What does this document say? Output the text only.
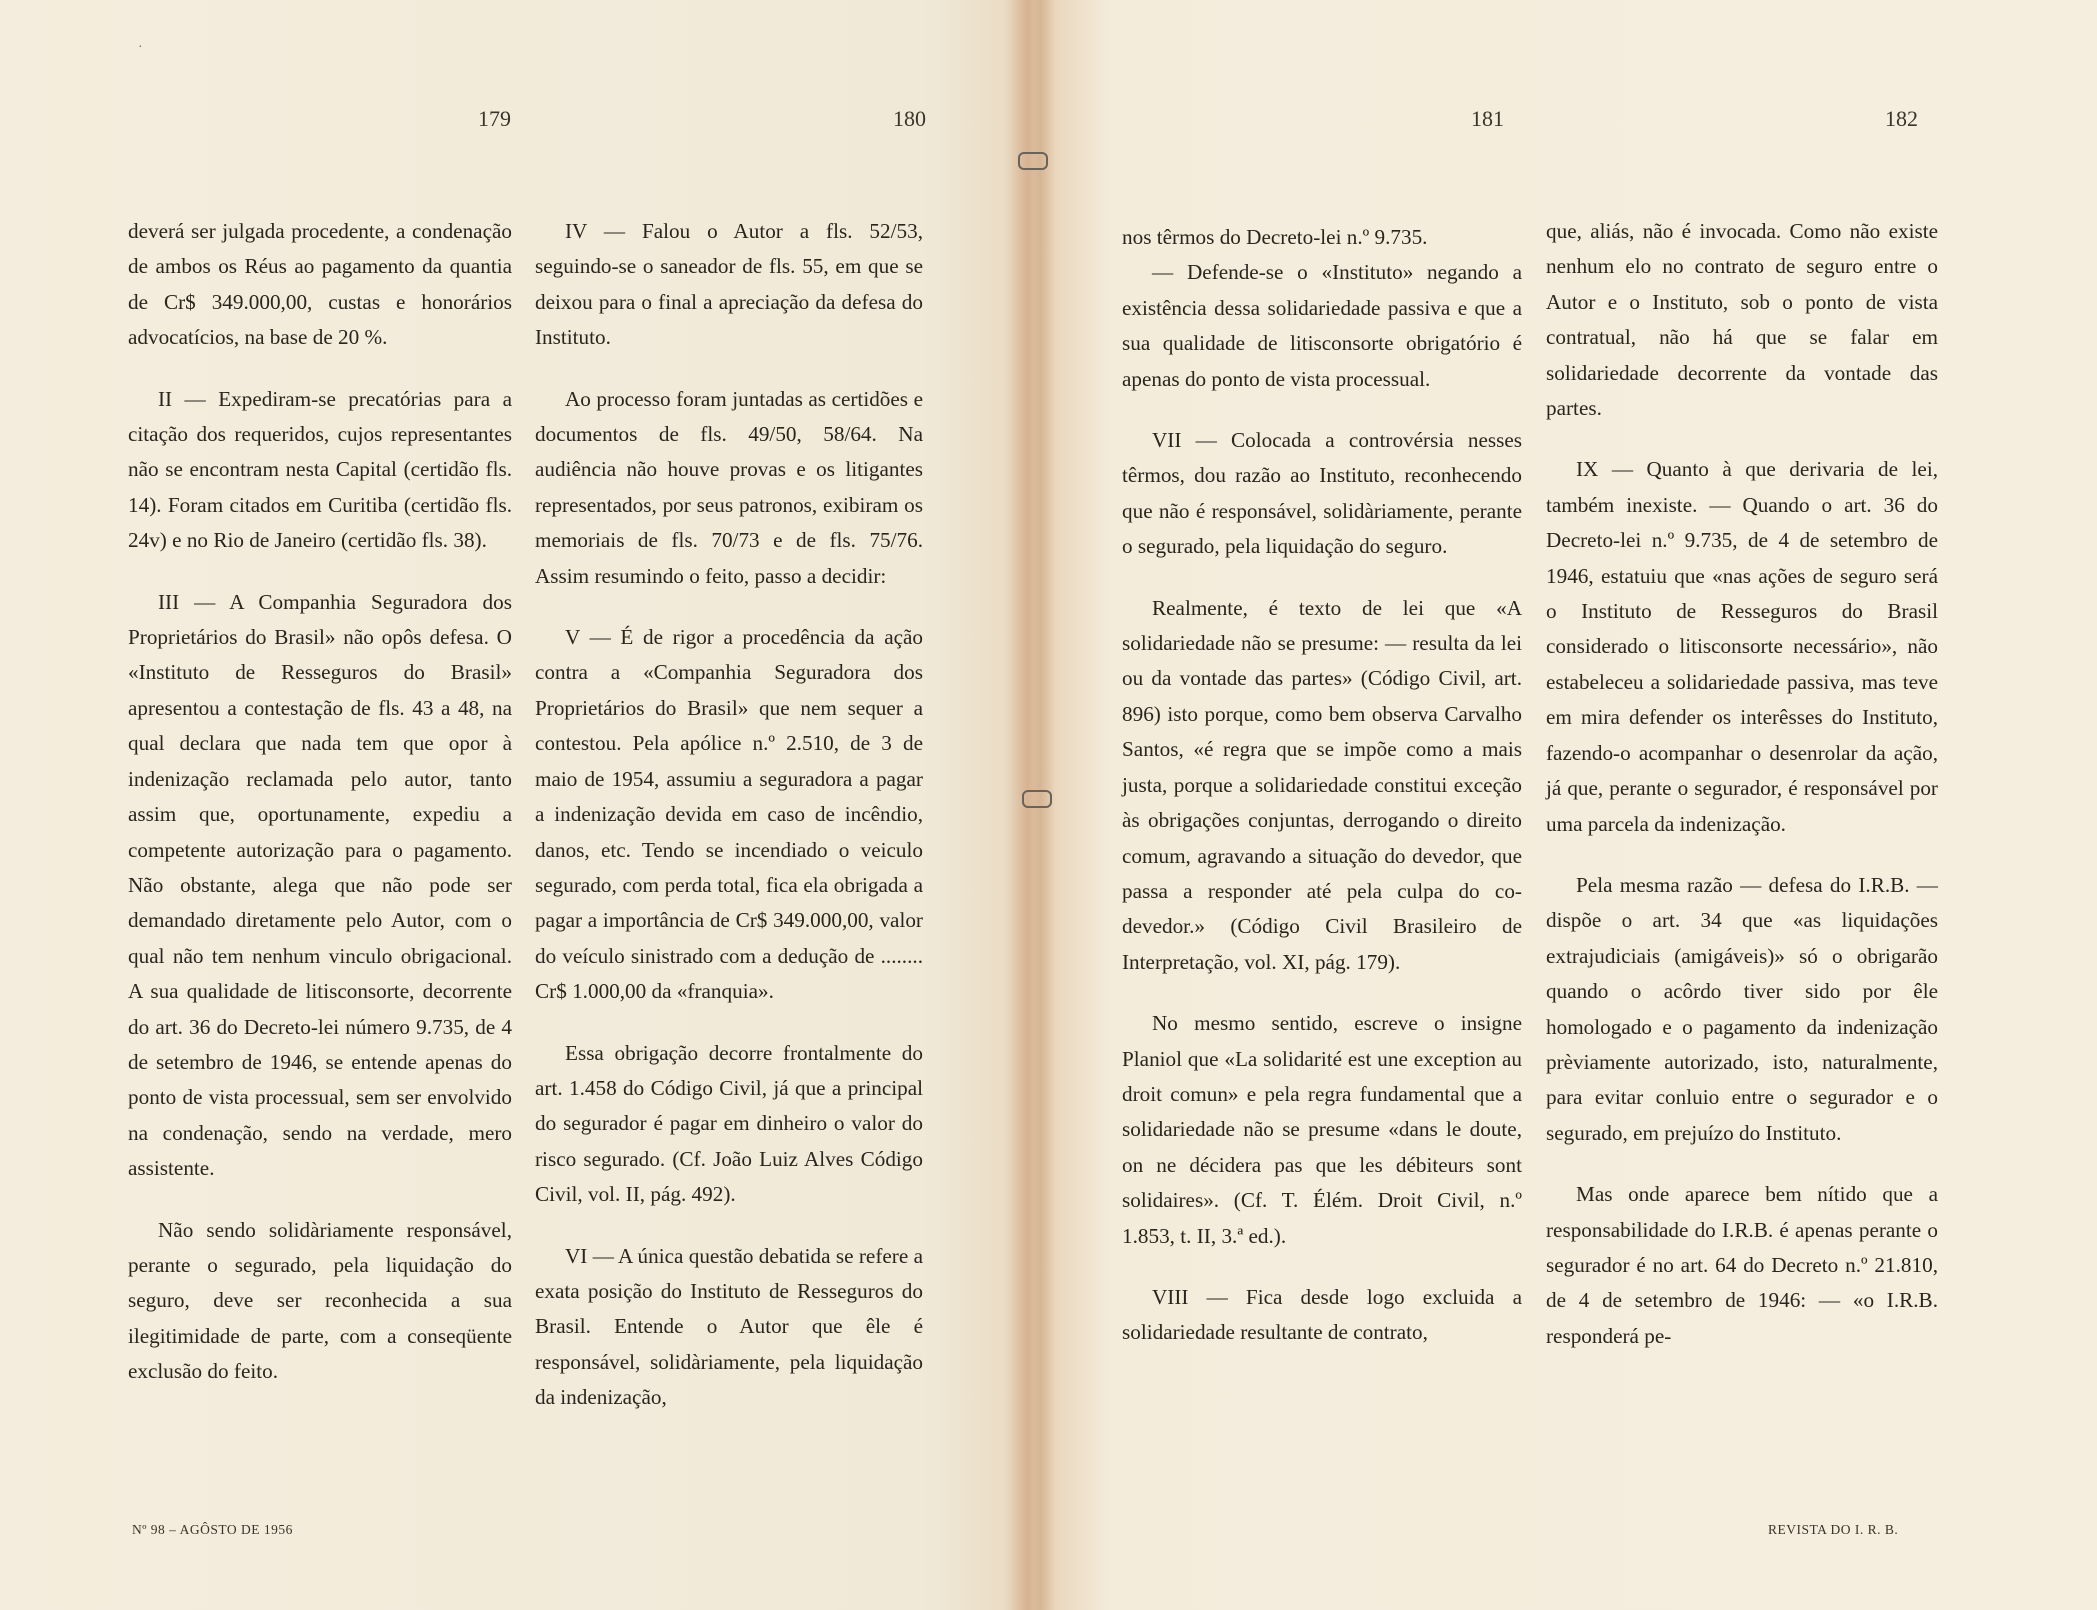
·
179	180	181	182

deverá ser julgada procedente, a condenação de ambos os Réus ao pagamento da quantia de Cr$ 349.000,00, custas e honorários advocatícios, na base de 20 %.

II — Expediram-se precatórias para a citação dos requeridos, cujos representantes não se encontram nesta Capital (certidão fls. 14). Foram citados em Curitiba (certidão fls. 24v) e no Rio de Janeiro (certidão fls. 38).

III — A Companhia Seguradora dos Proprietários do Brasil» não opôs defesa. O «Instituto de Resseguros do Brasil» apresentou a contestação de fls. 43 a 48, na qual declara que nada tem que opor à indenização reclamada pelo autor, tanto assim que, oportunamente, expediu a competente autorização para o pagamento. Não obstante, alega que não pode ser demandado diretamente pelo Autor, com o qual não tem nenhum vinculo obrigacional. A sua qualidade de litisconsorte, decorrente do art. 36 do Decreto-lei número 9.735, de 4 de setembro de 1946, se entende apenas do ponto de vista processual, sem ser envolvido na condenação, sendo na verdade, mero assistente.

Não sendo solidàriamente responsável, perante o segurado, pela liquidação do seguro, deve ser reconhecida a sua ilegitimidade de parte, com a conseqüente exclusão do feito.

IV — Falou o Autor a fls. 52/53, seguindo-se o saneador de fls. 55, em que se deixou para o final a apreciação da defesa do Instituto.

Ao processo foram juntadas as certidões e documentos de fls. 49/50, 58/64. Na audiência não houve provas e os litigantes representados, por seus patronos, exibiram os memoriais de fls. 70/73 e de fls. 75/76. Assim resumindo o feito, passo a decidir:

V — É de rigor a procedência da ação contra a «Companhia Seguradora dos Proprietários do Brasil» que nem sequer a contestou. Pela apólice n.º 2.510, de 3 de maio de 1954, assumiu a seguradora a pagar a indenização devida em caso de incêndio, danos, etc. Tendo se incendiado o veiculo segurado, com perda total, fica ela obrigada a pagar a importância de Cr$ 349.000,00, valor do veículo sinistrado com a dedução de ........ Cr$ 1.000,00 da «franquia».

Essa obrigação decorre frontalmente do art. 1.458 do Código Civil, já que a principal do segurador é pagar em dinheiro o valor do risco segurado. (Cf. João Luiz Alves Código Civil, vol. II, pág. 492).

VI — A única questão debatida se refere a exata posição do Instituto de Resseguros do Brasil. Entende o Autor que êle é responsável, solidàriamente, pela liquidação da indenização,

nos têrmos do Decreto-lei n.º 9.735.

— Defende-se o «Instituto» negando a existência dessa solidariedade passiva e que a sua qualidade de litisconsorte obrigatório é apenas do ponto de vista processual.

VII — Colocada a controvérsia nesses têrmos, dou razão ao Instituto, reconhecendo que não é responsável, solidàriamente, perante o segurado, pela liquidação do seguro.

Realmente, é texto de lei que «A solidariedade não se presume: — resulta da lei ou da vontade das partes» (Código Civil, art. 896) isto porque, como bem observa Carvalho Santos, «é regra que se impõe como a mais justa, porque a solidariedade constitui exceção às obrigações conjuntas, derrogando o direito comum, agravando a situação do devedor, que passa a responder até pela culpa do co-devedor.» (Código Civil Brasileiro de Interpretação, vol. XI, pág. 179).

No mesmo sentido, escreve o insigne Planiol que «La solidarité est une exception au droit comun» e pela regra fundamental que a solidariedade não se presume «dans le doute, on ne décidera pas que les débiteurs sont solidaires». (Cf. T. Élém. Droit Civil, n.º 1.853, t. II, 3.ª ed.).

VIII — Fica desde logo excluida a solidariedade resultante de contrato,

que, aliás, não é invocada. Como não existe nenhum elo no contrato de seguro entre o Autor e o Instituto, sob o ponto de vista contratual, não há que se falar em solidariedade decorrente da vontade das partes.

IX — Quanto à que derivaria de lei, também inexiste. — Quando o art. 36 do Decreto-lei n.º 9.735, de 4 de setembro de 1946, estatuiu que «nas ações de seguro será o Instituto de Resseguros do Brasil considerado o litisconsorte necessário», não estabeleceu a solidariedade passiva, mas teve em mira defender os interêsses do Instituto, fazendo-o acompanhar o desenrolar da ação, já que, perante o segurador, é responsável por uma parcela da indenização.

Pela mesma razão — defesa do I.R.B. — dispõe o art. 34 que «as liquidações extrajudiciais (amigáveis)» só o obrigarão quando o acôrdo tiver sido por êle homologado e o pagamento da indenização prèviamente autorizado, isto, naturalmente, para evitar conluio entre o segurador e o segurado, em prejuízo do Instituto.

Mas onde aparece bem nítido que a responsabilidade do I.R.B. é apenas perante o segurador é no art. 64 do Decreto n.º 21.810, de 4 de setembro de 1946: — «o I.R.B. responderá pe-

Nº 98 – AGÔSTO DE 1956	REVISTA DO I. R. B.
